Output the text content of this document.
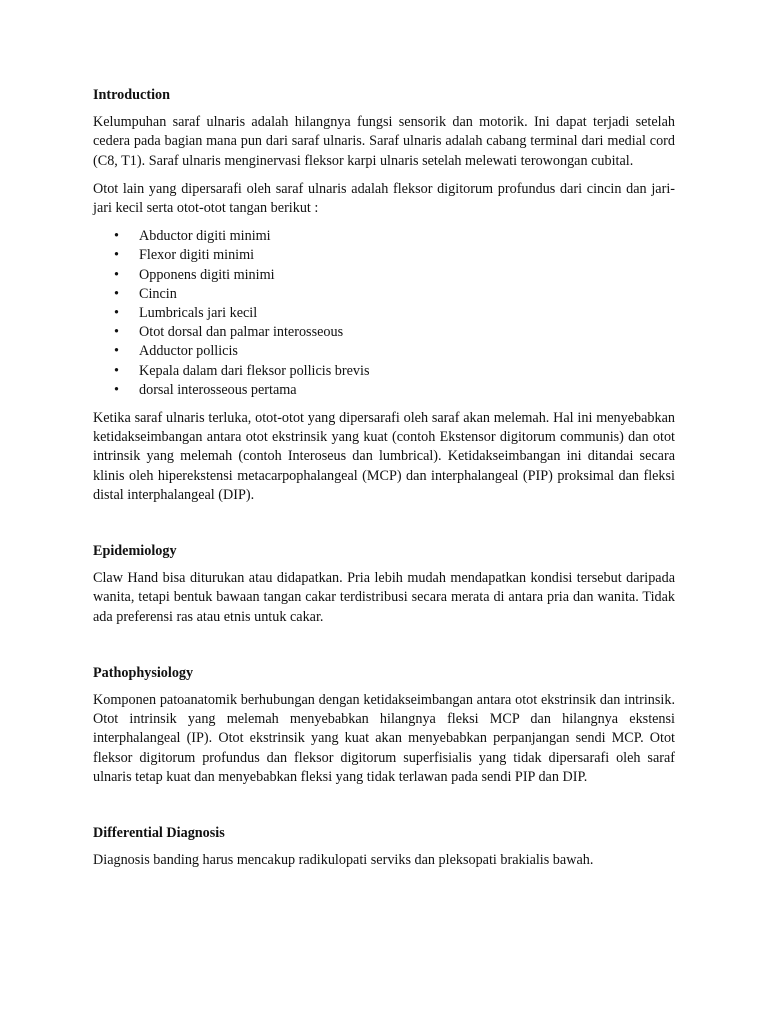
Introduction

Kelumpuhan saraf ulnaris adalah hilangnya fungsi sensorik dan motorik. Ini dapat terjadi setelah cedera pada bagian mana pun dari saraf ulnaris. Saraf ulnaris adalah cabang terminal dari medial cord (C8, T1). Saraf ulnaris menginervasi fleksor karpi ulnaris setelah melewati terowongan cubital.

Otot lain yang dipersarafi oleh saraf ulnaris adalah fleksor digitorum profundus dari cincin dan jari-jari kecil serta otot-otot tangan berikut :

• Abductor digiti minimi
• Flexor digiti minimi
• Opponens digiti minimi
• Cincin
• Lumbricals jari kecil
• Otot dorsal dan palmar interosseous
• Adductor pollicis
• Kepala dalam dari fleksor pollicis brevis
• dorsal interosseous pertama

Ketika saraf ulnaris terluka, otot-otot yang dipersarafi oleh saraf akan melemah. Hal ini menyebabkan ketidakseimbangan antara otot ekstrinsik yang kuat (contoh Ekstensor digitorum communis) dan otot intrinsik yang melemah (contoh Interoseus dan lumbrical). Ketidakseimbangan ini ditandai secara klinis oleh hiperekstensi metacarpophalangeal (MCP) dan interphalangeal (PIP) proksimal dan fleksi distal interphalangeal (DIP).

Epidemiology

Claw Hand bisa diturukan atau didapatkan. Pria lebih mudah mendapatkan kondisi tersebut daripada wanita, tetapi bentuk bawaan tangan cakar terdistribusi secara merata di antara pria dan wanita. Tidak ada preferensi ras atau etnis untuk cakar.

Pathophysiology

Komponen patoanatomik berhubungan dengan ketidakseimbangan antara otot ekstrinsik dan intrinsik. Otot intrinsik yang melemah menyebabkan hilangnya fleksi MCP dan hilangnya ekstensi interphalangeal (IP). Otot ekstrinsik yang kuat akan menyebabkan perpanjangan sendi MCP. Otot fleksor digitorum profundus dan fleksor digitorum superfisialis yang tidak dipersarafi oleh saraf ulnaris tetap kuat dan menyebabkan fleksi yang tidak terlawan pada sendi PIP dan DIP.

Differential Diagnosis

Diagnosis banding harus mencakup radikulopati serviks dan pleksopati brakialis bawah.
